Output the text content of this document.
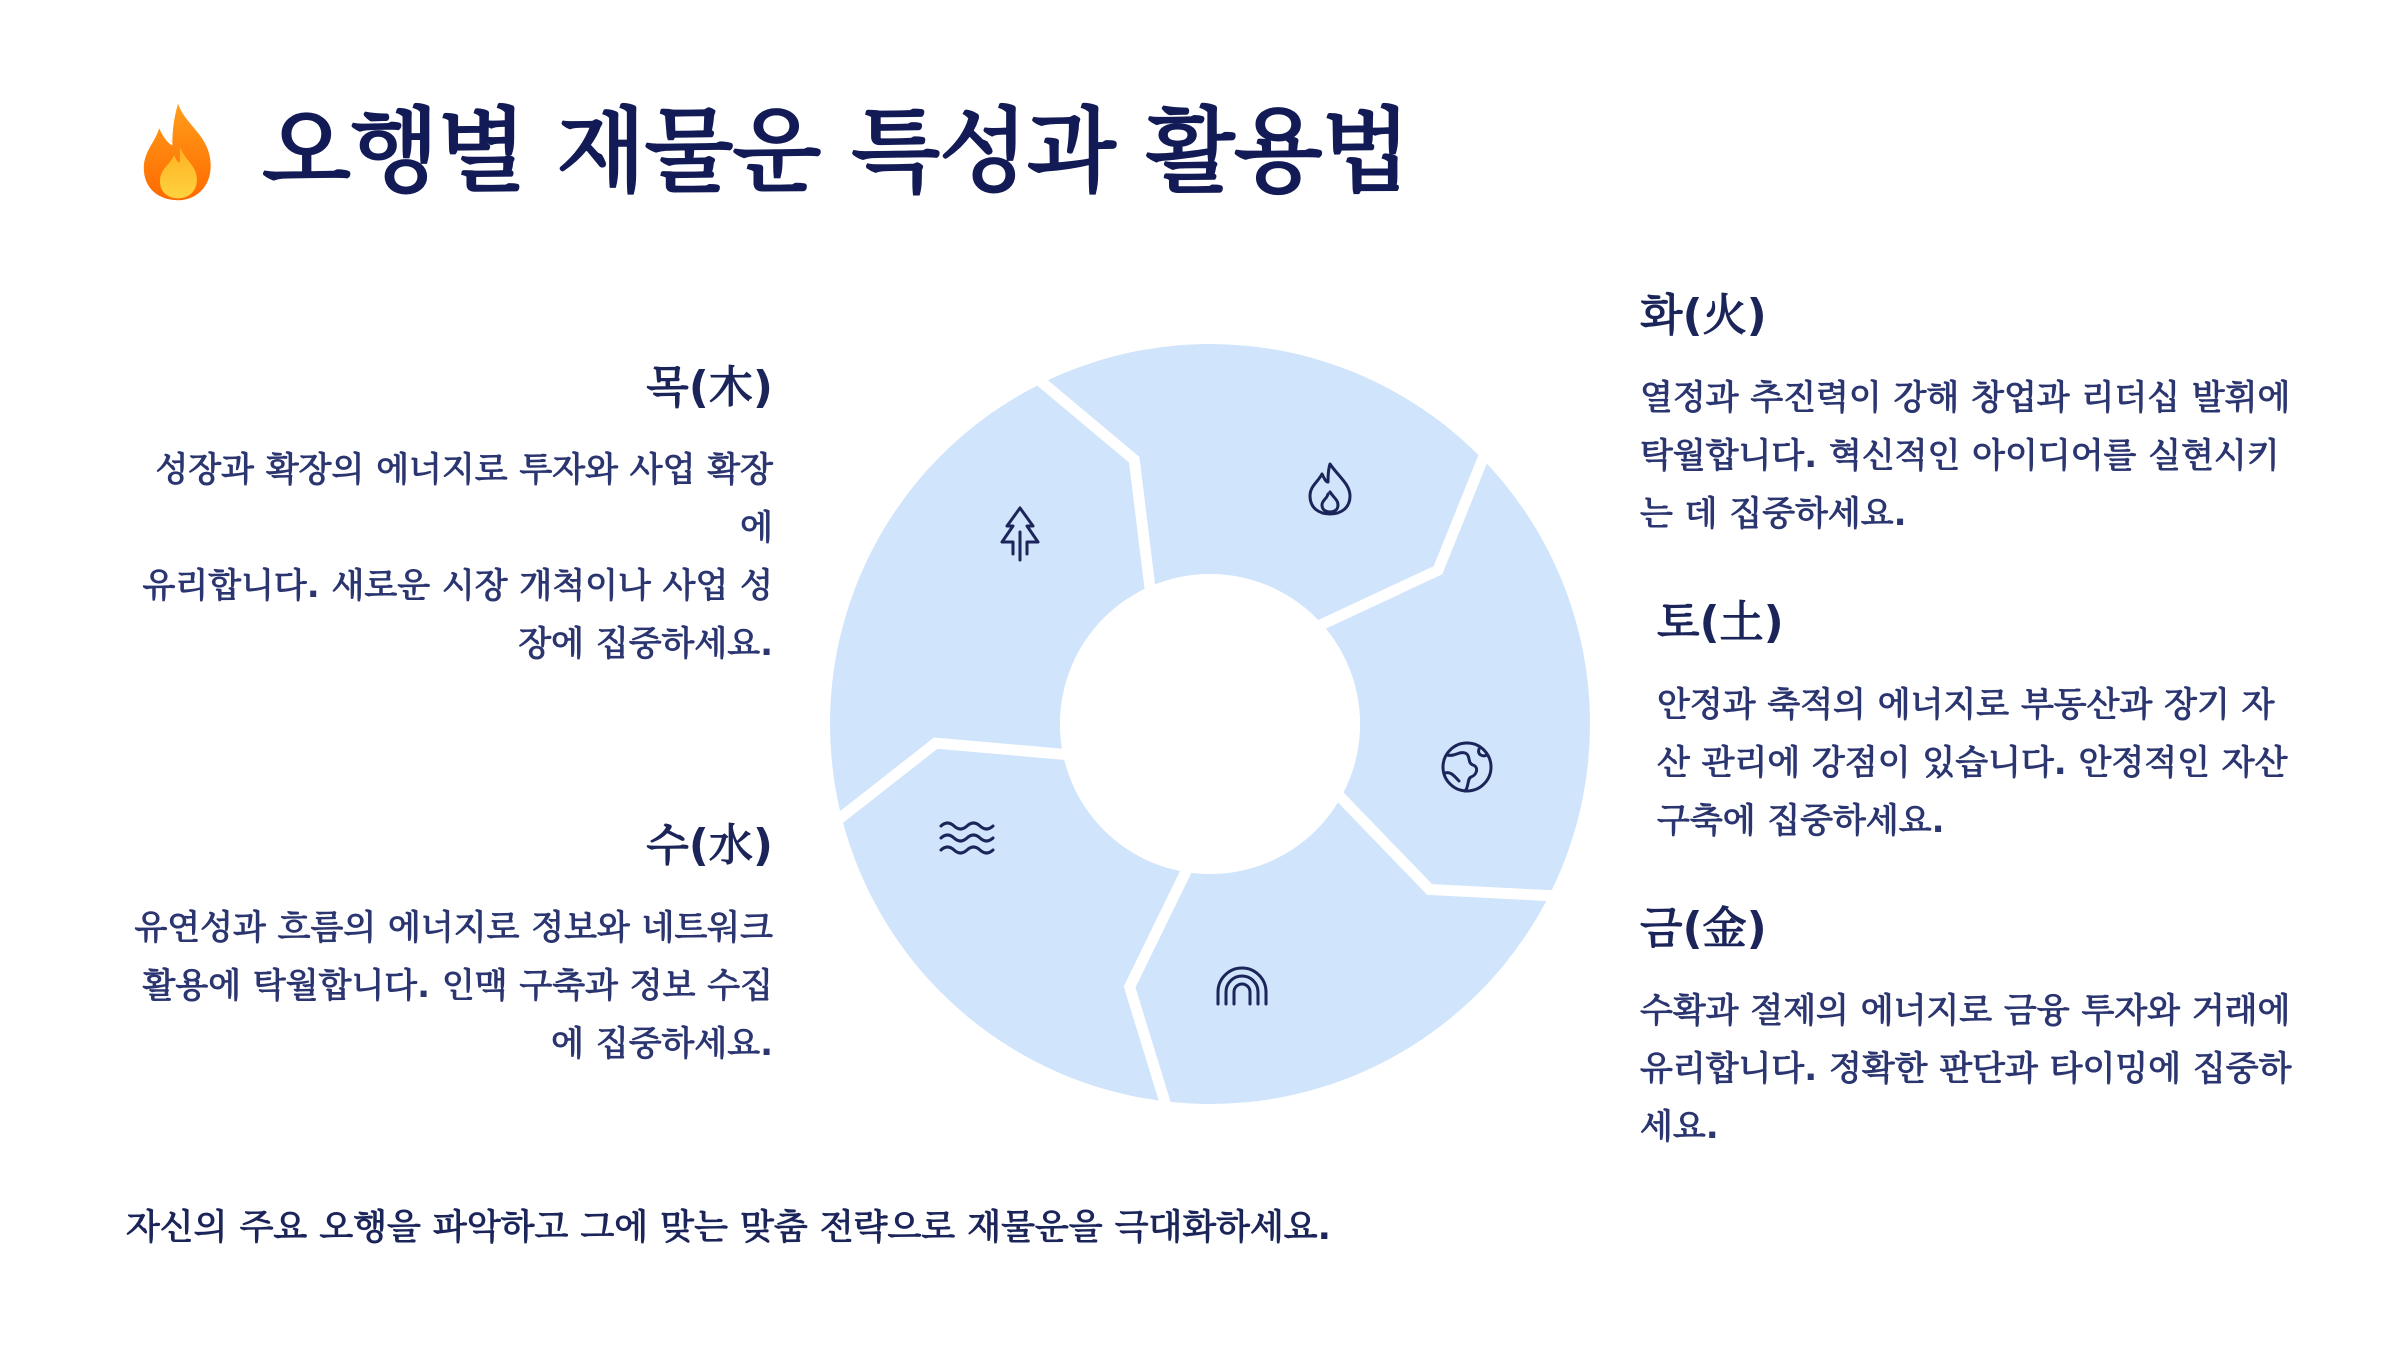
오행별 재물운 특성과 활용법
목(木)
성장과 확장의 에너지로 투자와 사업 확장에
유리합니다. 새로운 시장 개척이나 사업 성
장에 집중하세요.
수(水)
유연성과 흐름의 에너지로 정보와 네트워크
활용에 탁월합니다. 인맥 구축과 정보 수집
에 집중하세요.
화(火)
열정과 추진력이 강해 창업과 리더십 발휘에
탁월합니다. 혁신적인 아이디어를 실현시키
는 데 집중하세요.
토(土)
안정과 축적의 에너지로 부동산과 장기 자
산 관리에 강점이 있습니다. 안정적인 자산
구축에 집중하세요.
금(金)
수확과 절제의 에너지로 금융 투자와 거래에
유리합니다. 정확한 판단과 타이밍에 집중하
세요.
자신의 주요 오행을 파악하고 그에 맞는 맞춤 전략으로 재물운을 극대화하세요.
